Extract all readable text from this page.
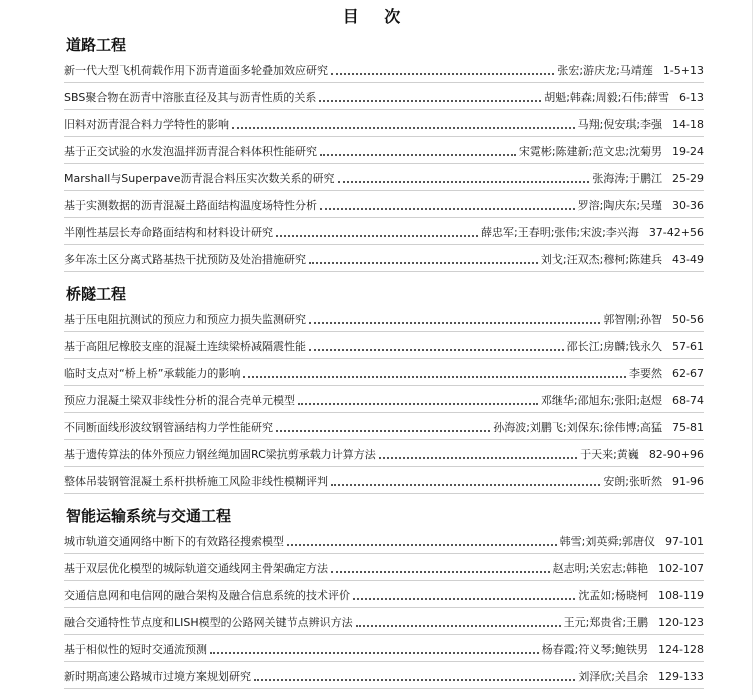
目 次
道路工程
新一代大型飞机荷载作用下沥青道面多轮叠加效应研究	张宏;游庆龙;马靖莲 1-5+13
SBS聚合物在沥青中溶胀直径及其与沥青性质的关系	胡魁;韩森;周毅;石伟;薛雪 6-13
旧料对沥青混合料力学特性的影响	马翔;倪安琪;李强 14-18
基于正交试验的水发泡温拌沥青混合料体积性能研究	宋霓彬;陈建新;范文忠;沈菊男 19-24
Marshall与Superpave沥青混合料压实次数关系的研究	张海涛;于鹏江 25-29
基于实测数据的沥青混凝土路面结构温度场特性分析	罗溶;陶庆东;吴瑾 30-36
半刚性基层长寿命路面结构和材料设计研究	薛忠军;王春明;张伟;宋波;李兴海 37-42+56
多年冻土区分离式路基热干扰预防及处治措施研究	刘戈;汪双杰;穆柯;陈建兵 43-49
桥隧工程
基于压电阻抗测试的预应力和预应力损失监测研究	郭智刚;孙智 50-56
基于高阻尼橡胶支座的混凝土连续梁桥减隔震性能	邵长江;房麟;钱永久 57-61
临时支点对“桥上桥”承载能力的影响	李要然 62-67
预应力混凝土梁双非线性分析的混合壳单元模型	邓继华;邵旭东;张阳;赵煜 68-74
不同断面线形波纹钢管涵结构力学性能研究	孙海波;刘鹏飞;刘保东;徐伟博;高猛 75-81
基于遗传算法的体外预应力钢丝绳加固RC梁抗剪承载力计算方法	于天来;黄巍 82-90+96
整体吊装钢管混凝土系杆拱桥施工风险非线性模糊评判	安朗;张昕然 91-96
智能运输系统与交通工程
城市轨道交通网络中断下的有效路径搜索模型	韩雪;刘英舜;郭唐仪 97-101
基于双层优化模型的城际轨道交通线网主骨架确定方法	赵志明;关宏志;韩艳 102-107
交通信息网和电信网的融合架构及融合信息系统的技术评价	沈孟如;杨晓柯 108-119
融合交通特性节点度和LISH模型的公路网关键节点辨识方法	王元;郑贵省;王鹏 120-123
基于相似性的短时交通流预测	杨春霞;符义琴;鲍铁男 124-128
新时期高速公路城市过境方案规划研究	刘泽欣;关昌余 129-133
